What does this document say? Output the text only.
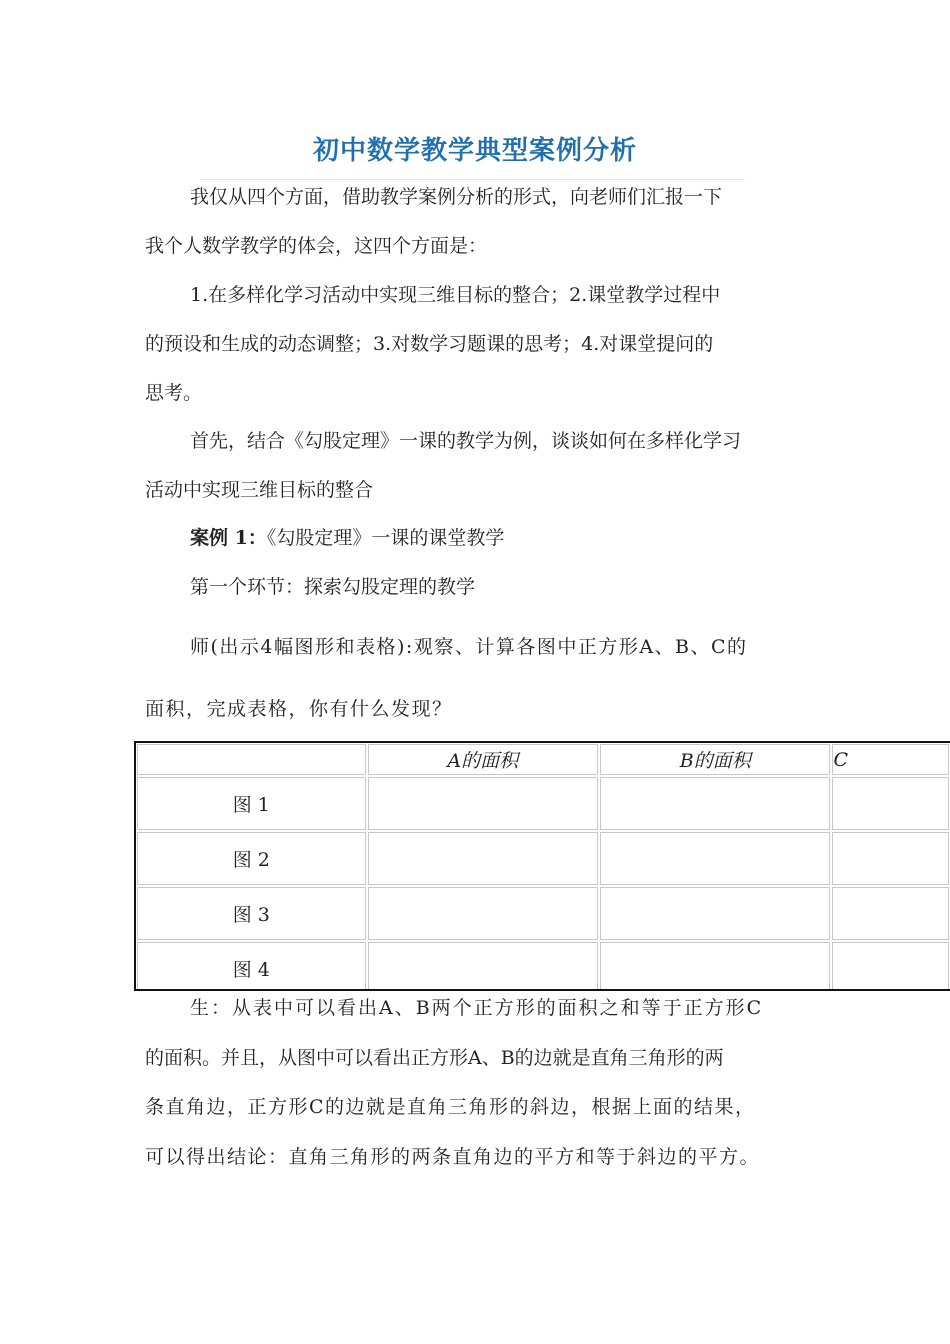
初中数学教学典型案例分析
我仅从四个方面，借助教学案例分析的形式，向老师们汇报一下
我个人数学教学的体会，这四个方面是：
1.在多样化学习活动中实现三维目标的整合；2.课堂教学过程中
的预设和生成的动态调整；3.对数学习题课的思考；4.对课堂提问的
思考。
首先，结合《勾股定理》一课的教学为例，谈谈如何在多样化学习
活动中实现三维目标的整合
案例 1：《勾股定理》一课的课堂教学
第一个环节：探索勾股定理的教学
师(出示4幅图形和表格):观察、计算各图中正方形A、B、C的
面积，完成表格，你有什么发现？
	A的面积	B的面积	C
图 1			
图 2			
图 3			
图 4			
生：从表中可以看出A、B两个正方形的面积之和等于正方形C
的面积。并且，从图中可以看出正方形A、B的边就是直角三角形的两
条直角边，正方形C的边就是直角三角形的斜边，根据上面的结果，
可以得出结论：直角三角形的两条直角边的平方和等于斜边的平方。
